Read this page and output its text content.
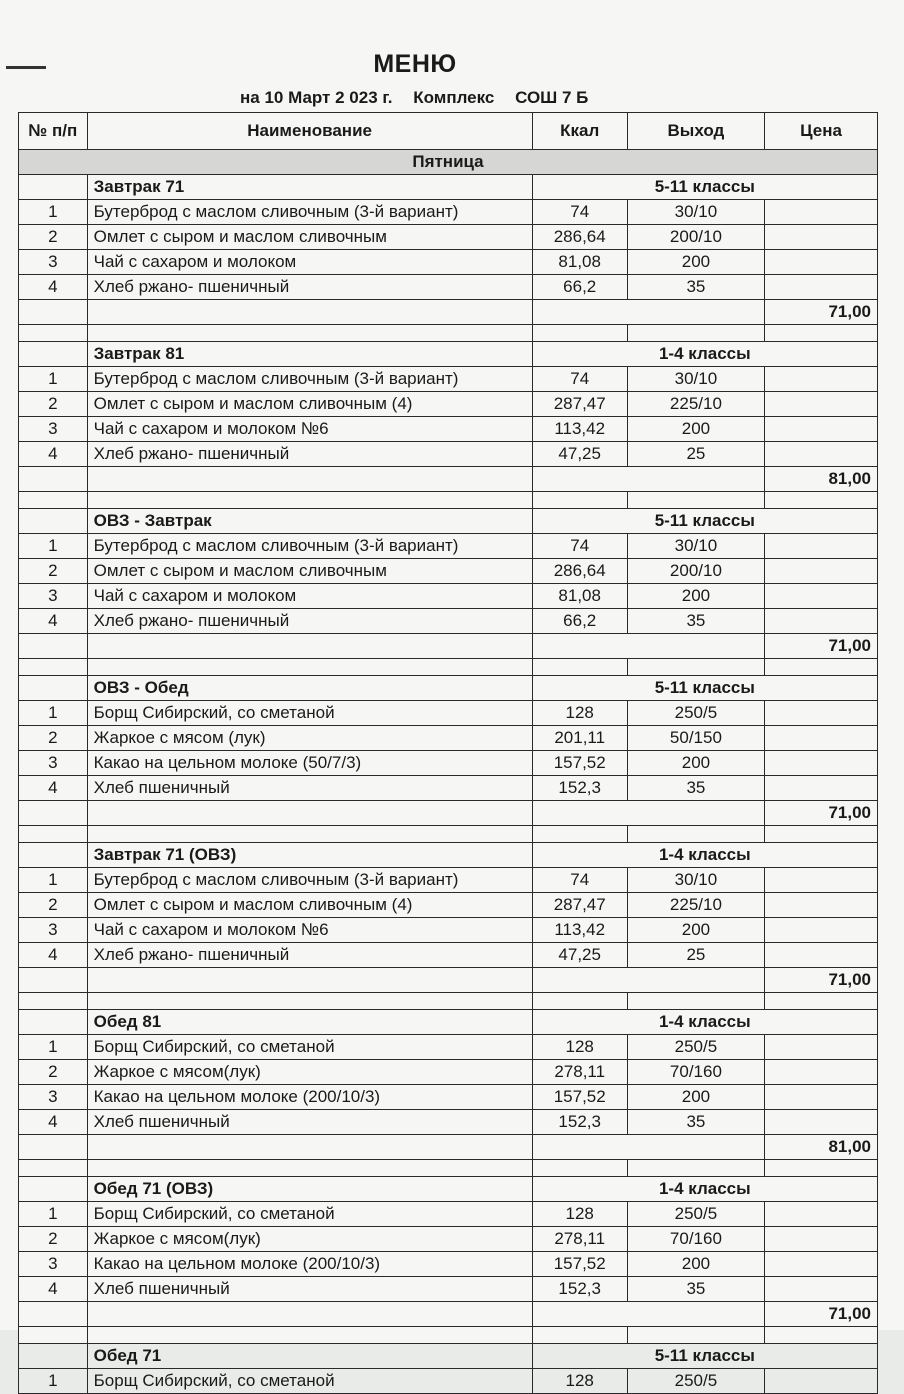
МЕНЮ
на 10 Март 2 023 г. Комплекс СОШ 7 Б
№ п/п	Наименование	Ккал	Выход	Цена
Пятница				
	Завтрак 71	5-11 классы		
1	Бутерброд с маслом сливочным (3-й вариант)	74	30/10	
2	Омлет с сыром и маслом сливочным	286,64	200/10	
3	Чай с сахаром и молоком	81,08	200	
4	Хлеб ржано- пшеничный	66,2	35	
				71,00

	Завтрак 81	1-4 классы		
1	Бутерброд с маслом сливочным (3-й вариант)	74	30/10	
2	Омлет с сыром и маслом сливочным (4)	287,47	225/10	
3	Чай с сахаром и молоком №6	113,42	200	
4	Хлеб ржано- пшеничный	47,25	25	
				81,00

	ОВЗ - Завтрак	5-11 классы		
1	Бутерброд с маслом сливочным (3-й вариант)	74	30/10	
2	Омлет с сыром и маслом сливочным	286,64	200/10	
3	Чай с сахаром и молоком	81,08	200	
4	Хлеб ржано- пшеничный	66,2	35	
				71,00

	ОВЗ - Обед	5-11 классы		
1	Борщ Сибирский, со сметаной	128	250/5	
2	Жаркое с мясом (лук)	201,11	50/150	
3	Какао на цельном молоке (50/7/3)	157,52	200	
4	Хлеб пшеничный	152,3	35	
				71,00

	Завтрак 71 (ОВЗ)	1-4 классы		
1	Бутерброд с маслом сливочным (3-й вариант)	74	30/10	
2	Омлет с сыром и маслом сливочным (4)	287,47	225/10	
3	Чай с сахаром и молоком №6	113,42	200	
4	Хлеб ржано- пшеничный	47,25	25	
				71,00

	Обед 81	1-4 классы		
1	Борщ Сибирский, со сметаной	128	250/5	
2	Жаркое с мясом(лук)	278,11	70/160	
3	Какао на цельном молоке (200/10/3)	157,52	200	
4	Хлеб пшеничный	152,3	35	
				81,00

	Обед 71 (ОВЗ)	1-4 классы		
1	Борщ Сибирский, со сметаной	128	250/5	
2	Жаркое с мясом(лук)	278,11	70/160	
3	Какао на цельном молоке (200/10/3)	157,52	200	
4	Хлеб пшеничный	152,3	35	
				71,00

	Обед 71	5-11 классы		
1	Борщ Сибирский, со сметаной	128	250/5	
